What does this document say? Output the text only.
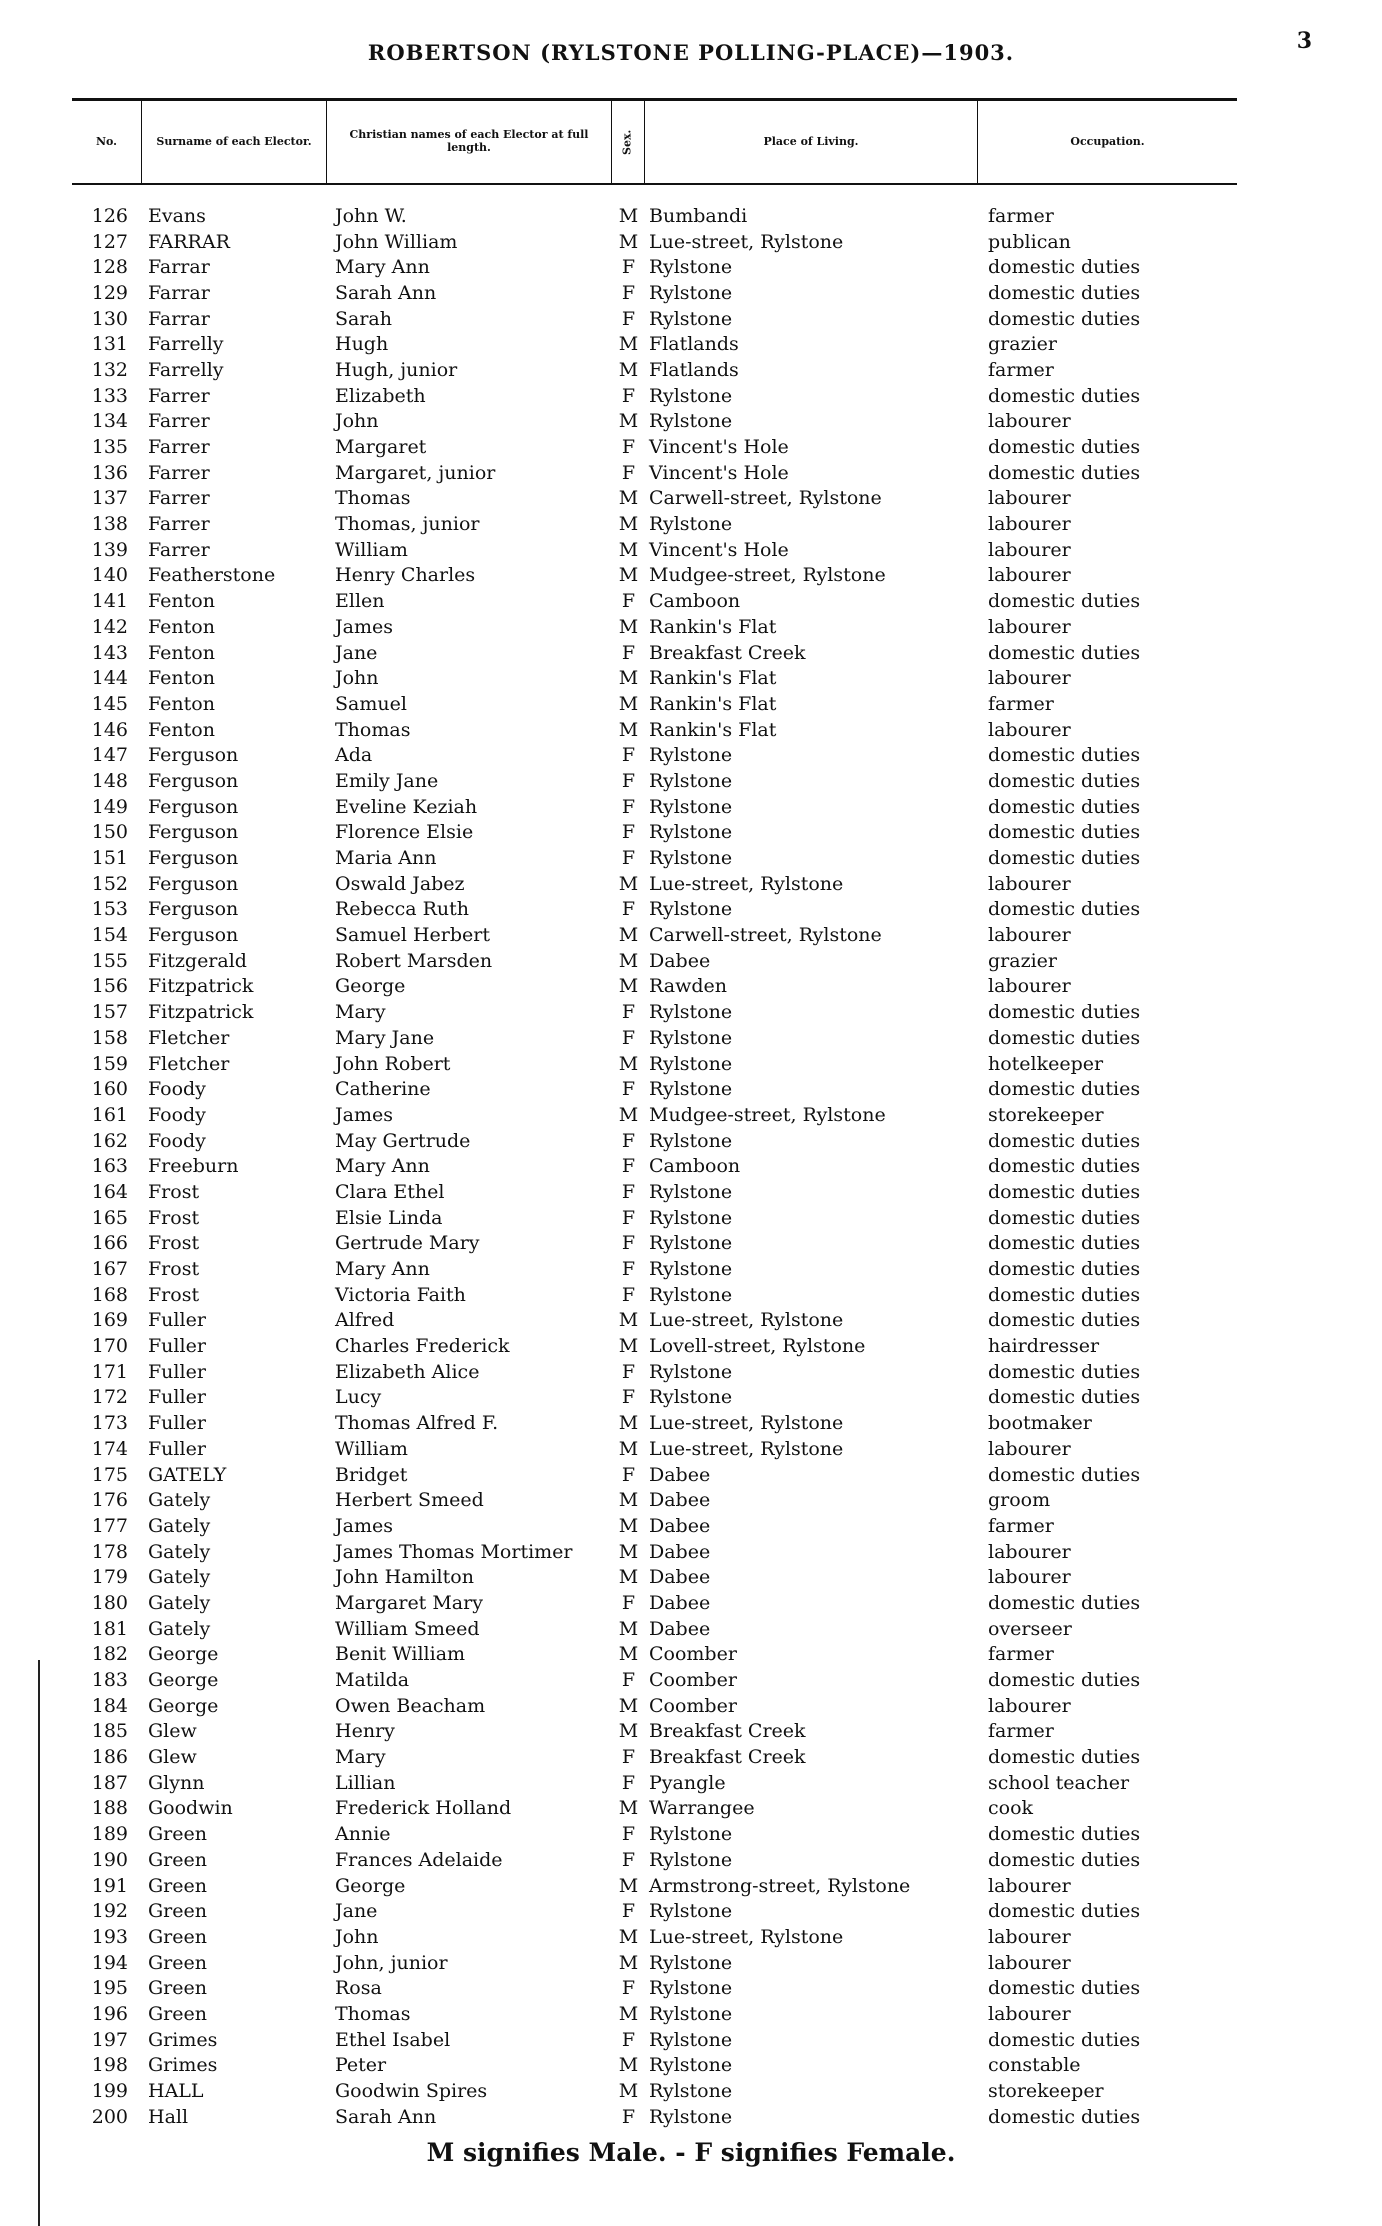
ROBERTSON (RYLSTONE POLLING-PLACE)—1903.	3
No.	Surname of each Elector.	Christian names of each Elector at full length.	Sex.	Place of Living.	Occupation.
126	Evans	John W.	M Bumbandi	farmer
127	FARRAR	John William	M Lue-street, Rylstone	publican
128	Farrar	Mary Ann	F Rylstone	domestic duties
129	Farrar	Sarah Ann	F Rylstone	domestic duties
130	Farrar	Sarah	F Rylstone	domestic duties
131	Farrelly	Hugh	M Flatlands	grazier
132	Farrelly	Hugh, junior	M Flatlands	farmer
133	Farrer	Elizabeth	F Rylstone	domestic duties
134	Farrer	John	M Rylstone	labourer
135	Farrer	Margaret	F Vincent's Hole	domestic duties
136	Farrer	Margaret, junior	F Vincent's Hole	domestic duties
137	Farrer	Thomas	M Carwell-street, Rylstone	labourer
138	Farrer	Thomas, junior	M Rylstone	labourer
139	Farrer	William	M Vincent's Hole	labourer
140	Featherstone	Henry Charles	M Mudgee-street, Rylstone	labourer
141	Fenton	Ellen	F Camboon	domestic duties
142	Fenton	James	M Rankin's Flat	labourer
143	Fenton	Jane	F Breakfast Creek	domestic duties
144	Fenton	John	M Rankin's Flat	labourer
145	Fenton	Samuel	M Rankin's Flat	farmer
146	Fenton	Thomas	M Rankin's Flat	labourer
147	Ferguson	Ada	F Rylstone	domestic duties
148	Ferguson	Emily Jane	F Rylstone	domestic duties
149	Ferguson	Eveline Keziah	F Rylstone	domestic duties
150	Ferguson	Florence Elsie	F Rylstone	domestic duties
151	Ferguson	Maria Ann	F Rylstone	domestic duties
152	Ferguson	Oswald Jabez	M Lue-street, Rylstone	labourer
153	Ferguson	Rebecca Ruth	F Rylstone	domestic duties
154	Ferguson	Samuel Herbert	M Carwell-street, Rylstone	labourer
155	Fitzgerald	Robert Marsden	M Dabee	grazier
156	Fitzpatrick	George	M Rawden	labourer
157	Fitzpatrick	Mary	F Rylstone	domestic duties
158	Fletcher	Mary Jane	F Rylstone	domestic duties
159	Fletcher	John Robert	M Rylstone	hotelkeeper
160	Foody	Catherine	F Rylstone	domestic duties
161	Foody	James	M Mudgee-street, Rylstone	storekeeper
162	Foody	May Gertrude	F Rylstone	domestic duties
163	Freeburn	Mary Ann	F Camboon	domestic duties
164	Frost	Clara Ethel	F Rylstone	domestic duties
165	Frost	Elsie Linda	F Rylstone	domestic duties
166	Frost	Gertrude Mary	F Rylstone	domestic duties
167	Frost	Mary Ann	F Rylstone	domestic duties
168	Frost	Victoria Faith	F Rylstone	domestic duties
169	Fuller	Alfred	M Lue-street, Rylstone	domestic duties
170	Fuller	Charles Frederick	M Lovell-street, Rylstone	hairdresser
171	Fuller	Elizabeth Alice	F Rylstone	domestic duties
172	Fuller	Lucy	F Rylstone	domestic duties
173	Fuller	Thomas Alfred F.	M Lue-street, Rylstone	bootmaker
174	Fuller	William	M Lue-street, Rylstone	labourer
175	GATELY	Bridget	F Dabee	domestic duties
176	Gately	Herbert Smeed	M Dabee	groom
177	Gately	James	M Dabee	farmer
178	Gately	James Thomas Mortimer	M Dabee	labourer
179	Gately	John Hamilton	M Dabee	labourer
180	Gately	Margaret Mary	F Dabee	domestic duties
181	Gately	William Smeed	M Dabee	overseer
182	George	Benit William	M Coomber	farmer
183	George	Matilda	F Coomber	domestic duties
184	George	Owen Beacham	M Coomber	labourer
185	Glew	Henry	M Breakfast Creek	farmer
186	Glew	Mary	F Breakfast Creek	domestic duties
187	Glynn	Lillian	F Pyangle	school teacher
188	Goodwin	Frederick Holland	M Warrangee	cook
189	Green	Annie	F Rylstone	domestic duties
190	Green	Frances Adelaide	F Rylstone	domestic duties
191	Green	George	M Armstrong-street, Rylstone	labourer
192	Green	Jane	F Rylstone	domestic duties
193	Green	John	M Lue-street, Rylstone	labourer
194	Green	John, junior	M Rylstone	labourer
195	Green	Rosa	F Rylstone	domestic duties
196	Green	Thomas	M Rylstone	labourer
197	Grimes	Ethel Isabel	F Rylstone	domestic duties
198	Grimes	Peter	M Rylstone	constable
199	HALL	Goodwin Spires	M Rylstone	storekeeper
200	Hall	Sarah Ann	F Rylstone	domestic duties
M signifies Male. - F signifies Female.
